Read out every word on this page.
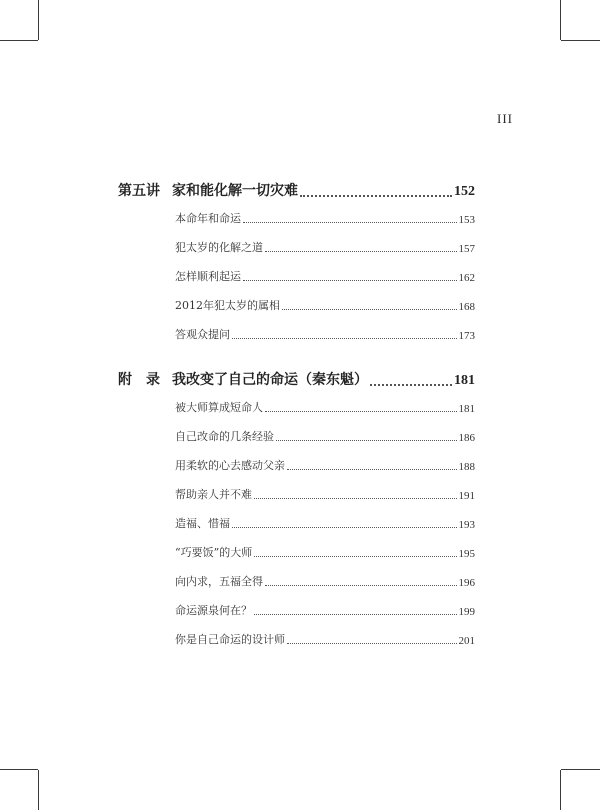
III
第五讲 家和能化解一切灾难	152
本命年和命运	153
犯太岁的化解之道	157
怎样顺利起运	162
2012年犯太岁的属相	168
答观众提问	173
附　录 我改变了自己的命运（秦东魁）	181
被大师算成短命人	181
自己改命的几条经验	186
用柔软的心去感动父亲	188
帮助亲人并不难	191
造福、惜福	193
“巧要饭”的大师	195
向内求，五福全得	196
命运源泉何在？	199
你是自己命运的设计师	201
